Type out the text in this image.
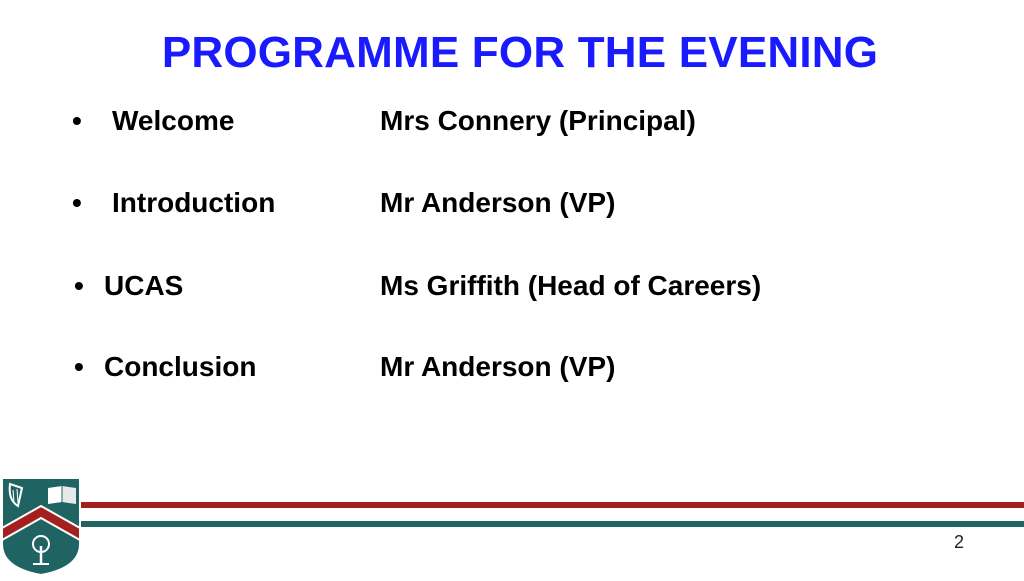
PROGRAMME FOR THE EVENING
• Welcome	Mrs Connery (Principal)
• Introduction	Mr Anderson (VP)
• UCAS	Ms Griffith (Head of Careers)
• Conclusion	Mr Anderson (VP)
2
